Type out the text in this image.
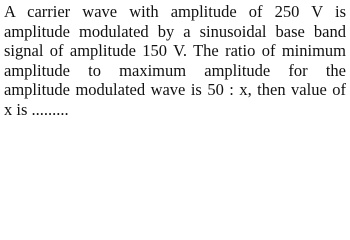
A carrier wave with amplitude of 250 V is
amplitude modulated by a sinusoidal base band
signal of amplitude 150 V. The ratio of minimum
amplitude to maximum amplitude for the
amplitude modulated wave is 50 : x, then value of
x is .........
